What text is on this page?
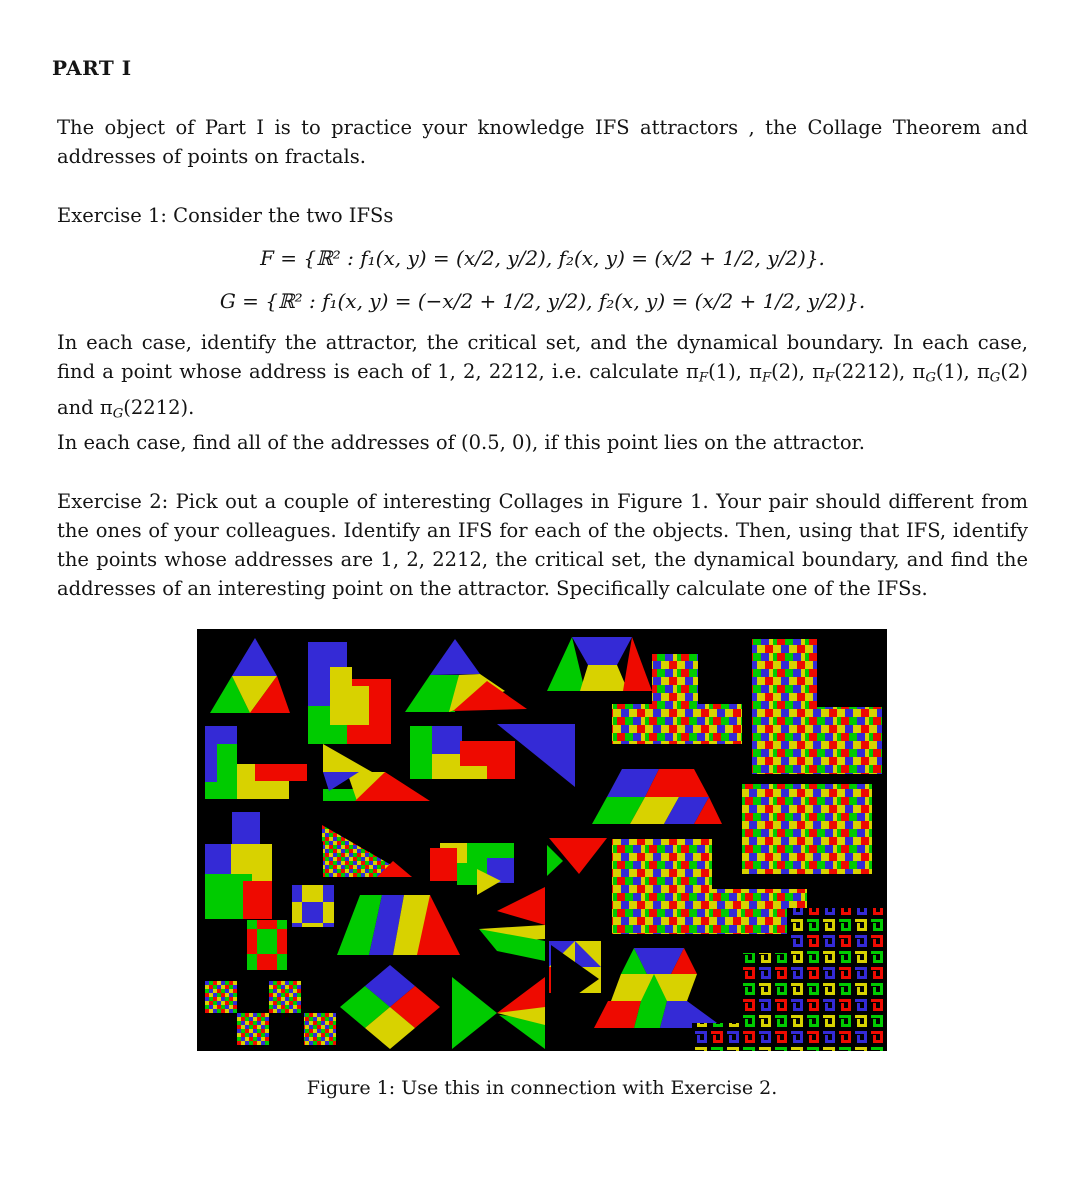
PART I

The object of Part I is to practice your knowledge IFS attractors , the Collage Theorem and addresses of points on fractals.

Exercise 1: Consider the two IFSs

F = {ℝ² : f₁(x, y) = (x/2, y/2), f₂(x, y) = (x/2 + 1/2, y/2)}.
G = {ℝ² : f₁(x, y) = (−x/2 + 1/2, y/2), f₂(x, y) = (x/2 + 1/2, y/2)}.

In each case, identify the attractor, the critical set, and the dynamical boundary. In each case, find a point whose address is each of 1, 2, 2212, i.e. calculate πF(1), πF(2), πF(2212), πG(1), πG(2) and πG(2212).

In each case, find all of the addresses of (0.5, 0), if this point lies on the attractor.

Exercise 2: Pick out a couple of interesting Collages in Figure 1. Your pair should different from the ones of your colleagues. Identify an IFS for each of the objects. Then, using that IFS, identify the points whose addresses are 1, 2, 2212, the critical set, the dynamical boundary, and find the addresses of an interesting point on the attractor. Specifically calculate one of the IFSs.

Figure 1: Use this in connection with Exercise 2.
